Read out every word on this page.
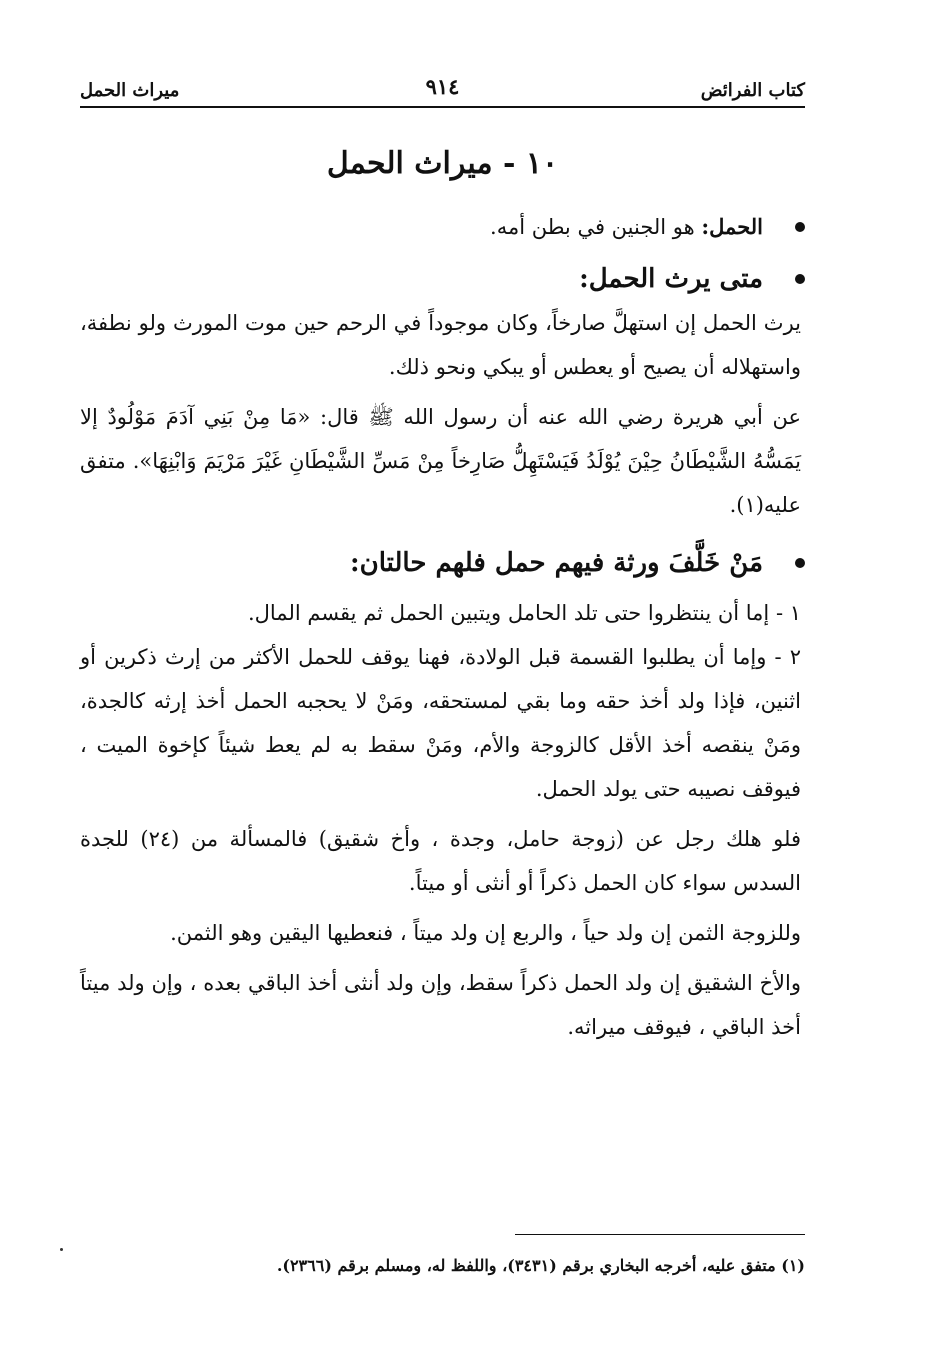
كتاب الفرائض
٩١٤
ميراث الحمل
١٠ - ميراث الحمل

الحمل: هو الجنين في بطن أمه.

متى يرث الحمل:

يرث الحمل إن استهلَّ صارخاً، وكان موجوداً في الرحم حين موت المورث ولو نطفة، واستهلاله أن يصيح أو يعطس أو يبكي ونحو ذلك.

عن أبي هريرة رضي الله عنه أن رسول الله ﷺ قال: «مَا مِنْ بَنِي آدَمَ مَوْلُودٌ إلا يَمَسُّهُ الشَّيْطَانُ حِيْنَ يُوْلَدُ فَيَسْتَهِلُّ صَارِخاً مِنْ مَسِّ الشَّيْطَانِ غَيْرَ مَرْيَمَ وَابْنِهَا». متفق عليه(١).

مَنْ خَلَّفَ ورثة فيهم حمل فلهم حالتان:

١ - إما أن ينتظروا حتى تلد الحامل ويتبين الحمل ثم يقسم المال.

٢ - وإما أن يطلبوا القسمة قبل الولادة، فهنا يوقف للحمل الأكثر من إرث ذكرين أو اثنين، فإذا ولد أخذ حقه وما بقي لمستحقه، ومَنْ لا يحجبه الحمل أخذ إرثه كالجدة، ومَنْ ينقصه أخذ الأقل كالزوجة والأم، ومَنْ سقط به لم يعط شيئاً كإخوة الميت ، فيوقف نصيبه حتى يولد الحمل.

فلو هلك رجل عن (زوجة حامل، وجدة ، وأخ شقيق) فالمسألة من (٢٤) للجدة السدس سواء كان الحمل ذكراً أو أنثى أو ميتاً.

وللزوجة الثمن إن ولد حياً ، والربع إن ولد ميتاً ، فنعطيها اليقين وهو الثمن.

والأخ الشقيق إن ولد الحمل ذكراً سقط، وإن ولد أنثى أخذ الباقي بعده ، وإن ولد ميتاً أخذ الباقي ، فيوقف ميراثه.

(١) متفق عليه، أخرجه البخاري برقم (٣٤٣١)، واللفظ له، ومسلم برقم (٢٣٦٦).
